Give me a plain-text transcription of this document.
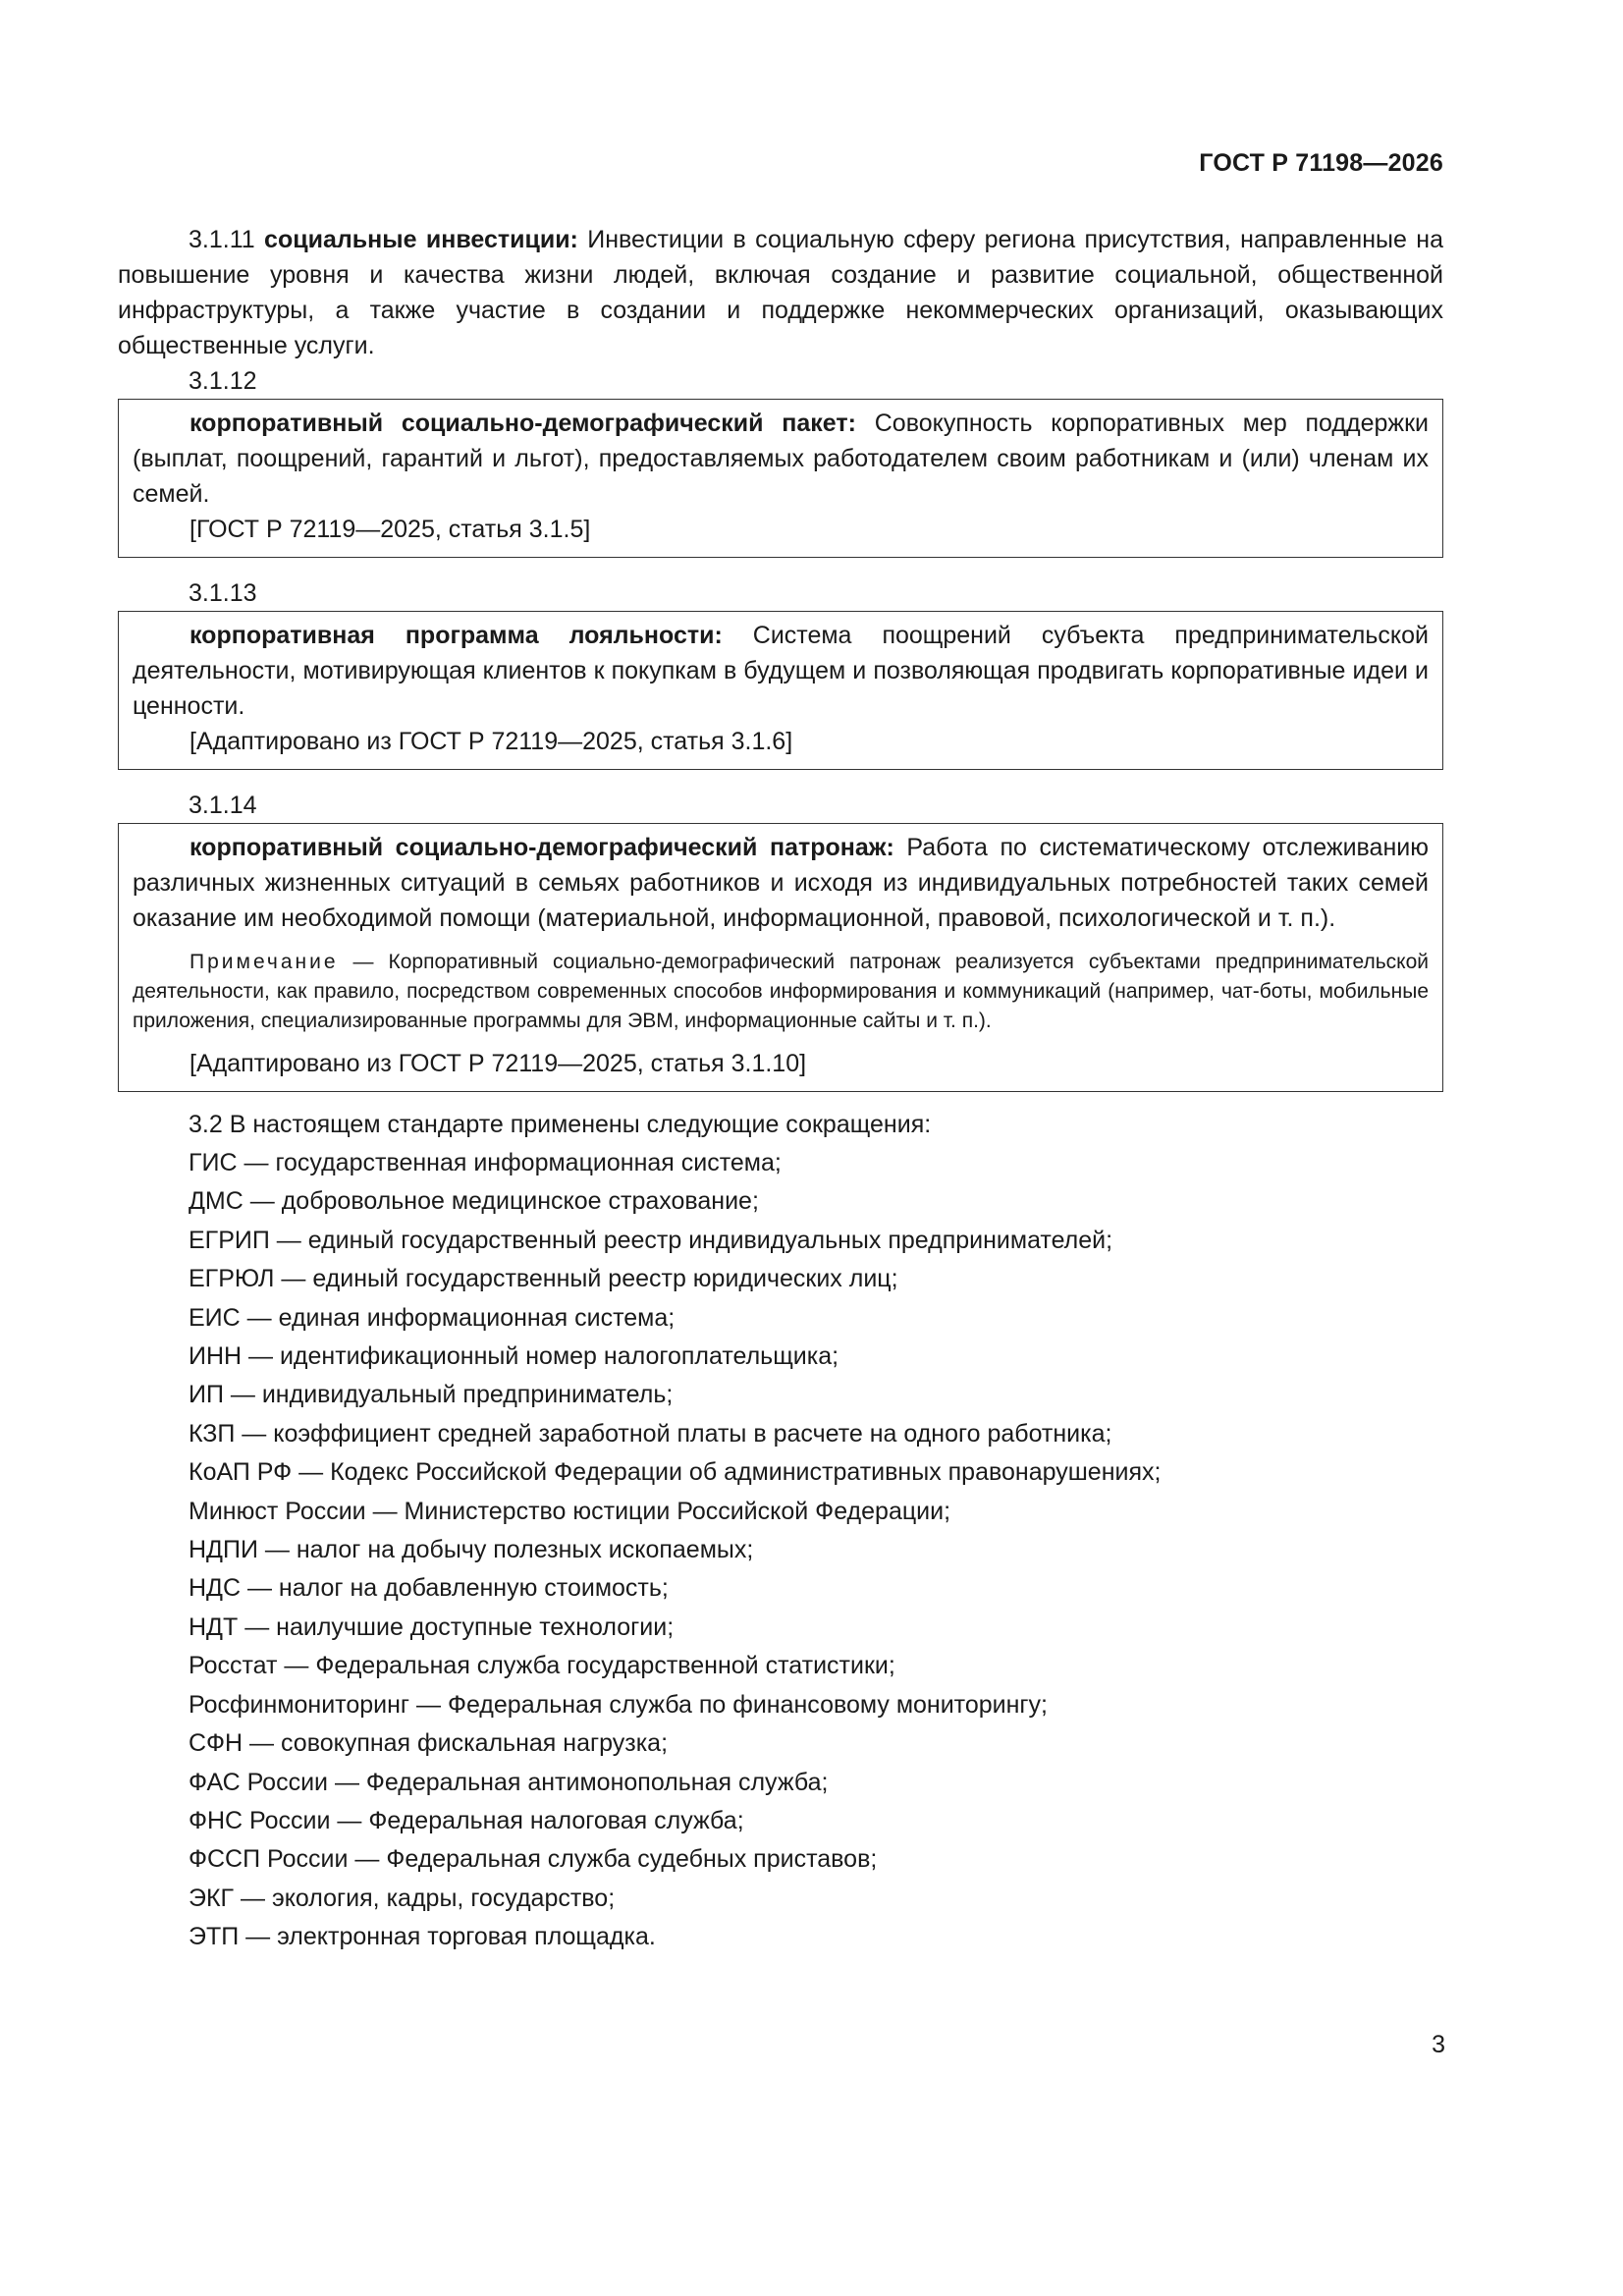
ГОСТ Р 71198—2026

3.1.11 социальные инвестиции: Инвестиции в социальную сферу региона присутствия, направленные на повышение уровня и качества жизни людей, включая создание и развитие социальной, общественной инфраструктуры, а также участие в создании и поддержке некоммерческих организаций, оказывающих общественные услуги.

3.1.12

корпоративный социально-демографический пакет: Совокупность корпоративных мер поддержки (выплат, поощрений, гарантий и льгот), предоставляемых работодателем своим работникам и (или) членам их семей.

[ГОСТ Р 72119—2025, статья 3.1.5]

3.1.13

корпоративная программа лояльности: Система поощрений субъекта предпринимательской деятельности, мотивирующая клиентов к покупкам в будущем и позволяющая продвигать корпоративные идеи и ценности.

[Адаптировано из ГОСТ Р 72119—2025, статья 3.1.6]

3.1.14

корпоративный социально-демографический патронаж: Работа по систематическому отслеживанию различных жизненных ситуаций в семьях работников и исходя из индивидуальных потребностей таких семей оказание им необходимой помощи (материальной, информационной, правовой, психологической и т. п.).

Примечание — Корпоративный социально-демографический патронаж реализуется субъектами предпринимательской деятельности, как правило, посредством современных способов информирования и коммуникаций (например, чат-боты, мобильные приложения, специализированные программы для ЭВМ, информационные сайты и т. п.).

[Адаптировано из ГОСТ Р 72119—2025, статья 3.1.10]

3.2 В настоящем стандарте применены следующие сокращения:

ГИС — государственная информационная система;
ДМС — добровольное медицинское страхование;
ЕГРИП — единый государственный реестр индивидуальных предпринимателей;
ЕГРЮЛ — единый государственный реестр юридических лиц;
ЕИС — единая информационная система;
ИНН — идентификационный номер налогоплательщика;
ИП — индивидуальный предприниматель;
КЗП — коэффициент средней заработной платы в расчете на одного работника;
КоАП РФ — Кодекс Российской Федерации об административных правонарушениях;
Минюст России — Министерство юстиции Российской Федерации;
НДПИ — налог на добычу полезных ископаемых;
НДС — налог на добавленную стоимость;
НДТ — наилучшие доступные технологии;
Росстат — Федеральная служба государственной статистики;
Росфинмониторинг — Федеральная служба по финансовому мониторингу;
СФН — совокупная фискальная нагрузка;
ФАС России — Федеральная антимонопольная служба;
ФНС России — Федеральная налоговая служба;
ФССП России — Федеральная служба судебных приставов;
ЭКГ — экология, кадры, государство;
ЭТП — электронная торговая площадка.
3
